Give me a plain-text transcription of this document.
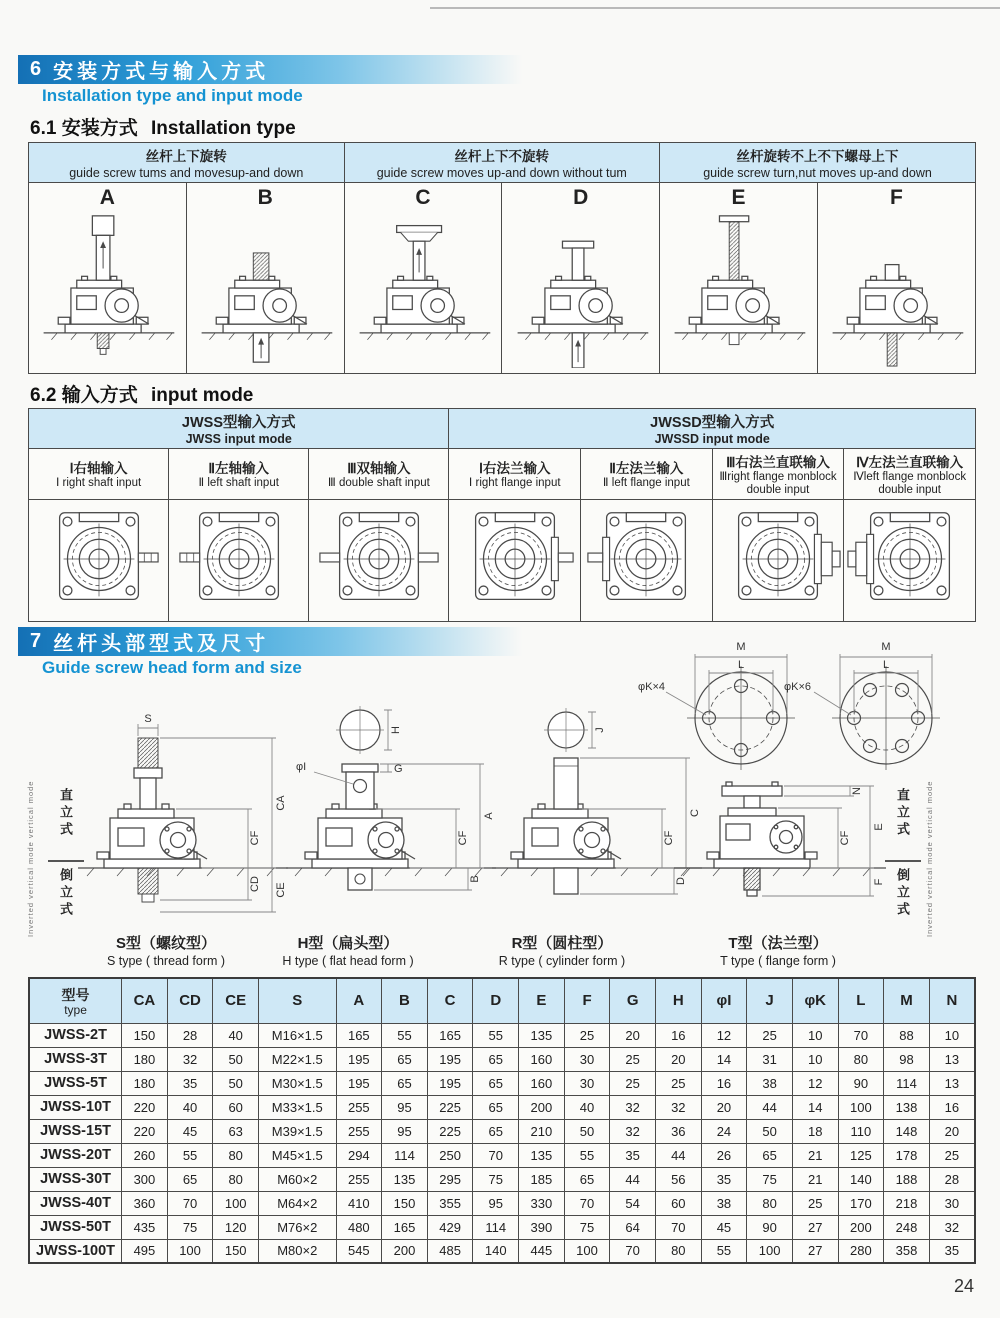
6 安装方式与输入方式
Installation type and input mode
6.1 安装方式 Installation type
丝杆上下旋转
guide screw tums and movesup-and down

丝杆上下不旋转
guide screw moves up-and down without tum

丝杆旋转不上不下螺母上下
guide screw turn,nut moves up-and down

A	B	C	D	E	F
6.2 输入方式 input mode
JWSS型输入方式
JWSS input mode

JWSSD型输入方式
JWSSD input mode

Ⅰ右轴输入
Ⅰ right shaft input

Ⅱ左轴输入
Ⅱ left shaft input

Ⅲ双轴输入
Ⅲ double shaft input

Ⅰ右法兰输入
Ⅰ right flange input

Ⅱ左法兰输入
Ⅱ left flange input

Ⅲ右法兰直联输入
Ⅲright flange monblock double input

Ⅳ左法兰直联输入
Ⅳleft flange monblock double input

7 丝杆头部型式及尺寸
Guide screw head form and size
M
L
φK×4
M
L
φK×6
Inverted vertical mode vertical mode 直立式
倒立式
直立式
倒立式 Inverted vertical mode vertical mode
S
CA
CF
CD CE
H
φI	G
A
CF
B
J
C
CF
D
N
E
F
CF
S型（螺纹型）
S type ( thread form )
H型（扁头型）
H type ( flat head form )
R型（圆柱型）
R type ( cylinder form )
T型（法兰型）
T type ( flange form )
型号
type	CA	CD	CE	S	A	B	C	D	E	F	G	H	φI	J	φK	L	M	N
JWSS-2T	150	28	40	M16×1.5	165	55	165	55	135	25	20	16	12	25	10	70	88	10
JWSS-3T	180	32	50	M22×1.5	195	65	195	65	160	30	25	20	14	31	10	80	98	13
JWSS-5T	180	35	50	M30×1.5	195	65	195	65	160	30	25	25	16	38	12	90	114	13
JWSS-10T	220	40	60	M33×1.5	255	95	225	65	200	40	32	32	20	44	14	100	138	16
JWSS-15T	220	45	63	M39×1.5	255	95	225	65	210	50	32	36	24	50	18	110	148	20
JWSS-20T	260	55	80	M45×1.5	294	114	250	70	135	55	35	44	26	65	21	125	178	25
JWSS-30T	300	65	80	M60×2	255	135	295	75	185	65	44	56	35	75	21	140	188	28
JWSS-40T	360	70	100	M64×2	410	150	355	95	330	70	54	60	38	80	25	170	218	30
JWSS-50T	435	75	120	M76×2	480	165	429	114	390	75	64	70	45	90	27	200	248	32
JWSS-100T	495	100	150	M80×2	545	200	485	140	445	100	70	80	55	100	27	280	358	35
24
